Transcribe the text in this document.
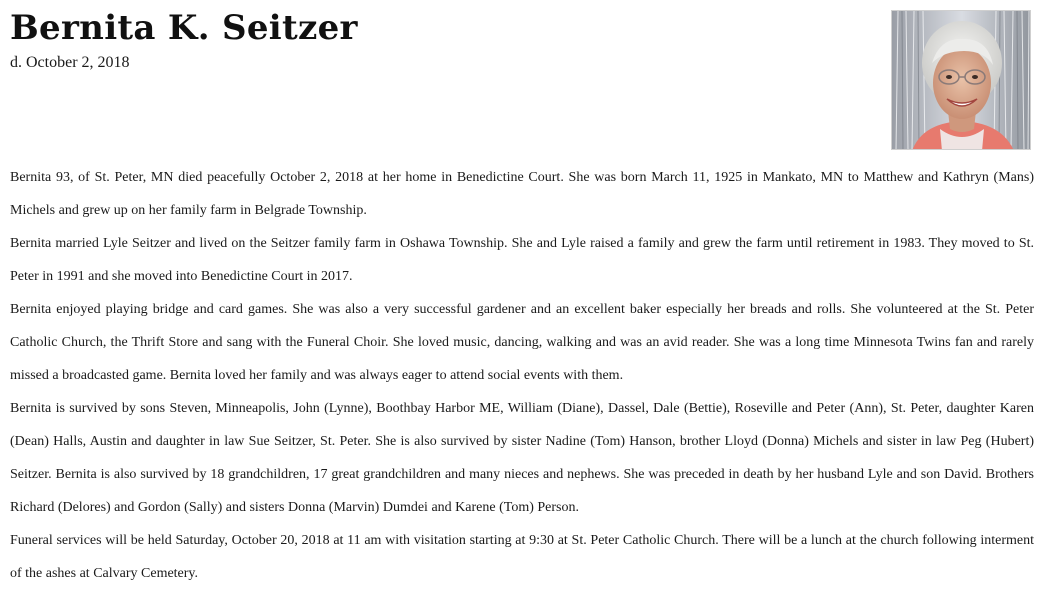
Bernita K. Seitzer
d. October 2, 2018

Bernita 93, of St. Peter, MN died peacefully October 2, 2018 at her home in Benedictine Court. She was born March 11, 1925 in Mankato, MN to Matthew and Kathryn (Mans) Michels and grew up on her family farm in Belgrade Township.

Bernita married Lyle Seitzer and lived on the Seitzer family farm in Oshawa Township. She and Lyle raised a family and grew the farm until retirement in 1983. They moved to St. Peter in 1991 and she moved into Benedictine Court in 2017.

Bernita enjoyed playing bridge and card games. She was also a very successful gardener and an excellent baker especially her breads and rolls. She volunteered at the St. Peter Catholic Church, the Thrift Store and sang with the Funeral Choir. She loved music, dancing, walking and was an avid reader. She was a long time Minnesota Twins fan and rarely missed a broadcasted game. Bernita loved her family and was always eager to attend social events with them.

Bernita is survived by sons Steven, Minneapolis, John (Lynne), Boothbay Harbor ME, William (Diane), Dassel, Dale (Bettie), Roseville and Peter (Ann), St. Peter, daughter Karen (Dean) Halls, Austin and daughter in law Sue Seitzer, St. Peter. She is also survived by sister Nadine (Tom) Hanson, brother Lloyd (Donna) Michels and sister in law Peg (Hubert) Seitzer. Bernita is also survived by 18 grandchildren, 17 great grandchildren and many nieces and nephews. She was preceded in death by her husband Lyle and son David. Brothers Richard (Delores) and Gordon (Sally) and sisters Donna (Marvin) Dumdei and Karene (Tom) Person.

Funeral services will be held Saturday, October 20, 2018 at 11 am with visitation starting at 9:30 at St. Peter Catholic Church. There will be a lunch at the church following interment of the ashes at Calvary Cemetery.
